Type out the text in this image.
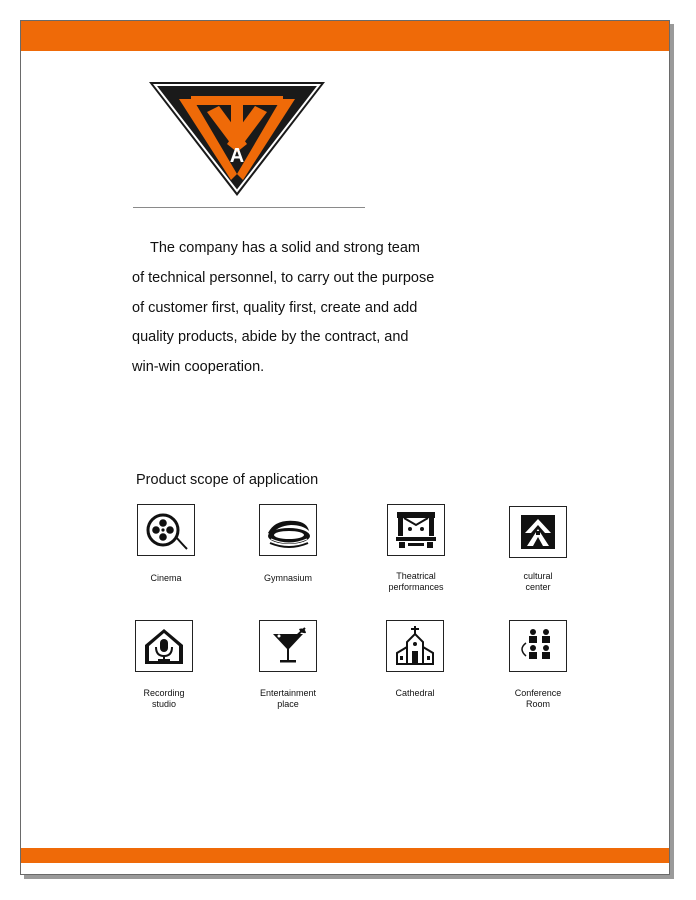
A

The company has a solid and strong team

of technical personnel, to carry out the purpose

of customer first, quality first, create and add

quality products, abide by the contract, and

win-win cooperation.

Product scope of application
Cinema	Gymnasium	Theatrical
performances
cultural
center
Recording
studio
Entertainment
place
Cathedral	Conference
Room
